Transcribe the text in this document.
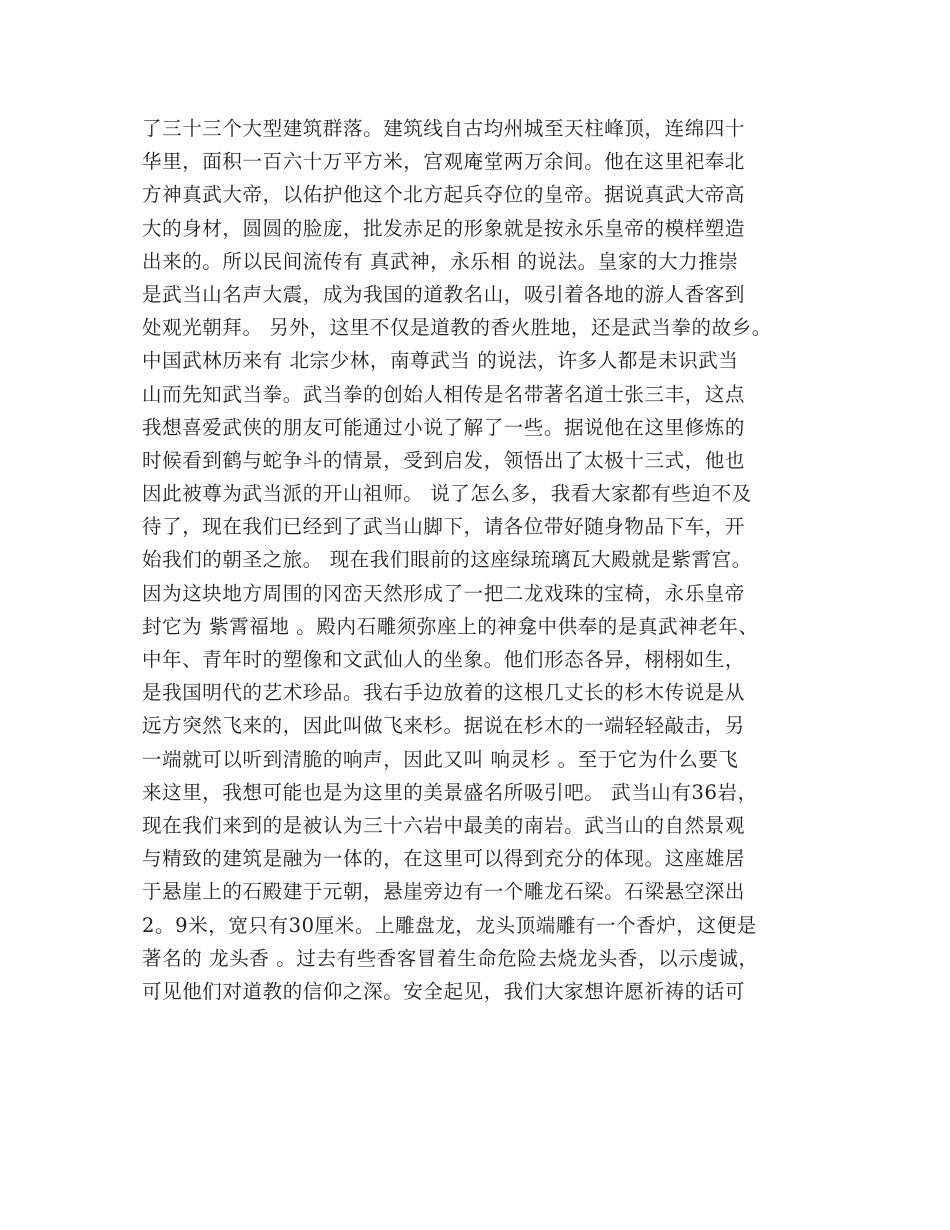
了三十三个大型建筑群落。建筑线自古均州城至天柱峰顶，连绵四十
华里，面积一百六十万平方米，宫观庵堂两万余间。他在这里祀奉北
方神真武大帝，以佑护他这个北方起兵夺位的皇帝。据说真武大帝高
大的身材，圆圆的脸庞，批发赤足的形象就是按永乐皇帝的模样塑造
出来的。所以民间流传有 真武神，永乐相 的说法。皇家的大力推崇
是武当山名声大震，成为我国的道教名山，吸引着各地的游人香客到
处观光朝拜。 另外，这里不仅是道教的香火胜地，还是武当拳的故乡。
中国武林历来有 北宗少林，南尊武当 的说法，许多人都是未识武当
山而先知武当拳。武当拳的创始人相传是名带著名道士张三丰，这点
我想喜爱武侠的朋友可能通过小说了解了一些。据说他在这里修炼的
时候看到鹤与蛇争斗的情景，受到启发，领悟出了太极十三式，他也
因此被尊为武当派的开山祖师。 说了怎么多，我看大家都有些迫不及
待了，现在我们已经到了武当山脚下，请各位带好随身物品下车，开
始我们的朝圣之旅。 现在我们眼前的这座绿琉璃瓦大殿就是紫霄宫。
因为这块地方周围的冈峦天然形成了一把二龙戏珠的宝椅，永乐皇帝
封它为 紫霄福地 。殿内石雕须弥座上的神龛中供奉的是真武神老年、
中年、青年时的塑像和文武仙人的坐象。他们形态各异，栩栩如生，
是我国明代的艺术珍品。我右手边放着的这根几丈长的杉木传说是从
远方突然飞来的，因此叫做飞来杉。据说在杉木的一端轻轻敲击，另
一端就可以听到清脆的响声，因此又叫 响灵杉 。至于它为什么要飞
来这里，我想可能也是为这里的美景盛名所吸引吧。 武当山有36岩，
现在我们来到的是被认为三十六岩中最美的南岩。武当山的自然景观
与精致的建筑是融为一体的，在这里可以得到充分的体现。这座雄居
于悬崖上的石殿建于元朝，悬崖旁边有一个雕龙石梁。石梁悬空深出
2。9米，宽只有30厘米。上雕盘龙，龙头顶端雕有一个香炉，这便是
著名的 龙头香 。过去有些香客冒着生命危险去烧龙头香，以示虔诚，
可见他们对道教的信仰之深。安全起见，我们大家想许愿祈祷的话可
